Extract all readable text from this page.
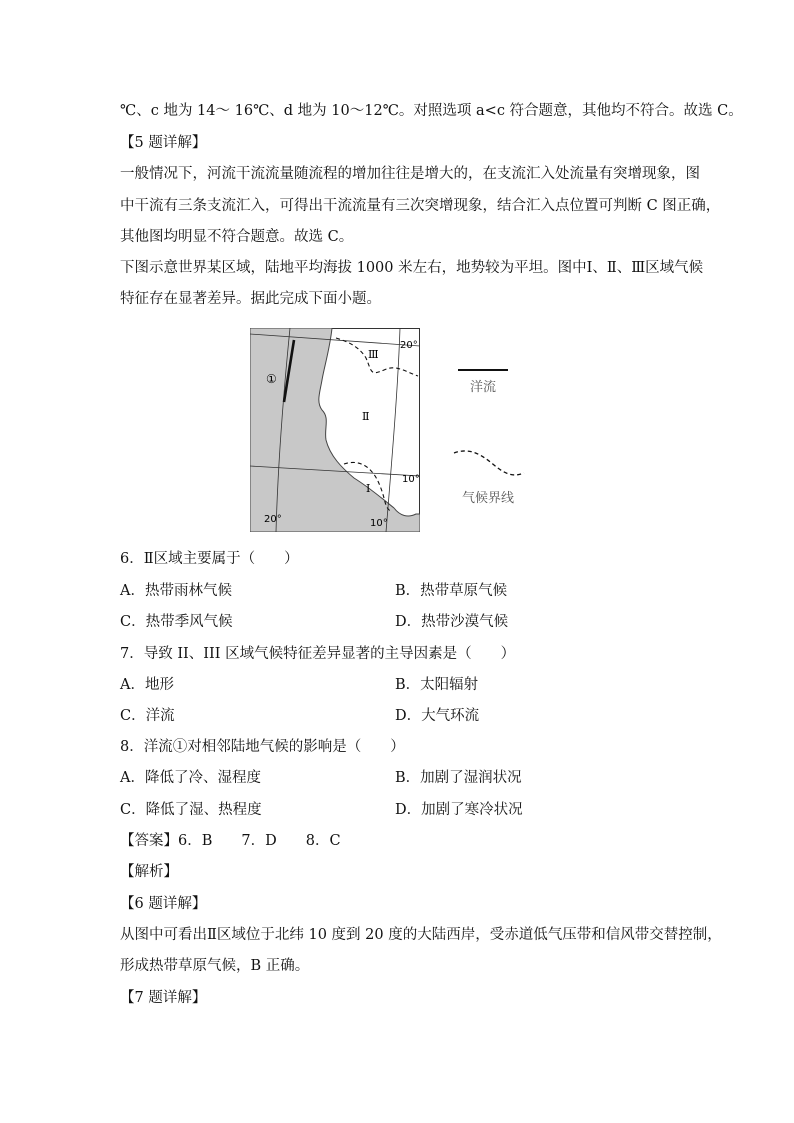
℃、c 地为 14～ 16℃、d 地为 10～12℃。对照选项 a<c 符合题意，其他均不符合。故选 C。
【5 题详解】
一般情况下，河流干流流量随流程的增加往往是增大的，在支流汇入处流量有突增现象，图
中干流有三条支流汇入，可得出干流流量有三次突增现象，结合汇入点位置可判断 C 图正确，
其他图均明显不符合题意。故选 C。
下图示意世界某区域，陆地平均海拔 1000 米左右，地势较为平坦。图中Ⅰ、Ⅱ、Ⅲ区域气候
特征存在显著差异。据此完成下面小题。
①
Ⅲ
Ⅱ
Ⅰ
20°
10°
20°	10°
洋流
气候界线
6．Ⅱ区域主要属于（　　）
A．热带雨林气候	B．热带草原气候
C．热带季风气候	D．热带沙漠气候
7．导致 II、III 区域气候特征差异显著的主导因素是（　　）
A．地形	B．太阳辐射
C．洋流	D．大气环流
8．洋流①对相邻陆地气候的影响是（　　）
A．降低了冷、湿程度	B．加剧了湿润状况
C．降低了湿、热程度	D．加剧了寒冷状况
【答案】6．B　　7．D　　8．C
【解析】
【6 题详解】
从图中可看出Ⅱ区域位于北纬 10 度到 20 度的大陆西岸，受赤道低气压带和信风带交替控制，
形成热带草原气候，B 正确。
【7 题详解】
